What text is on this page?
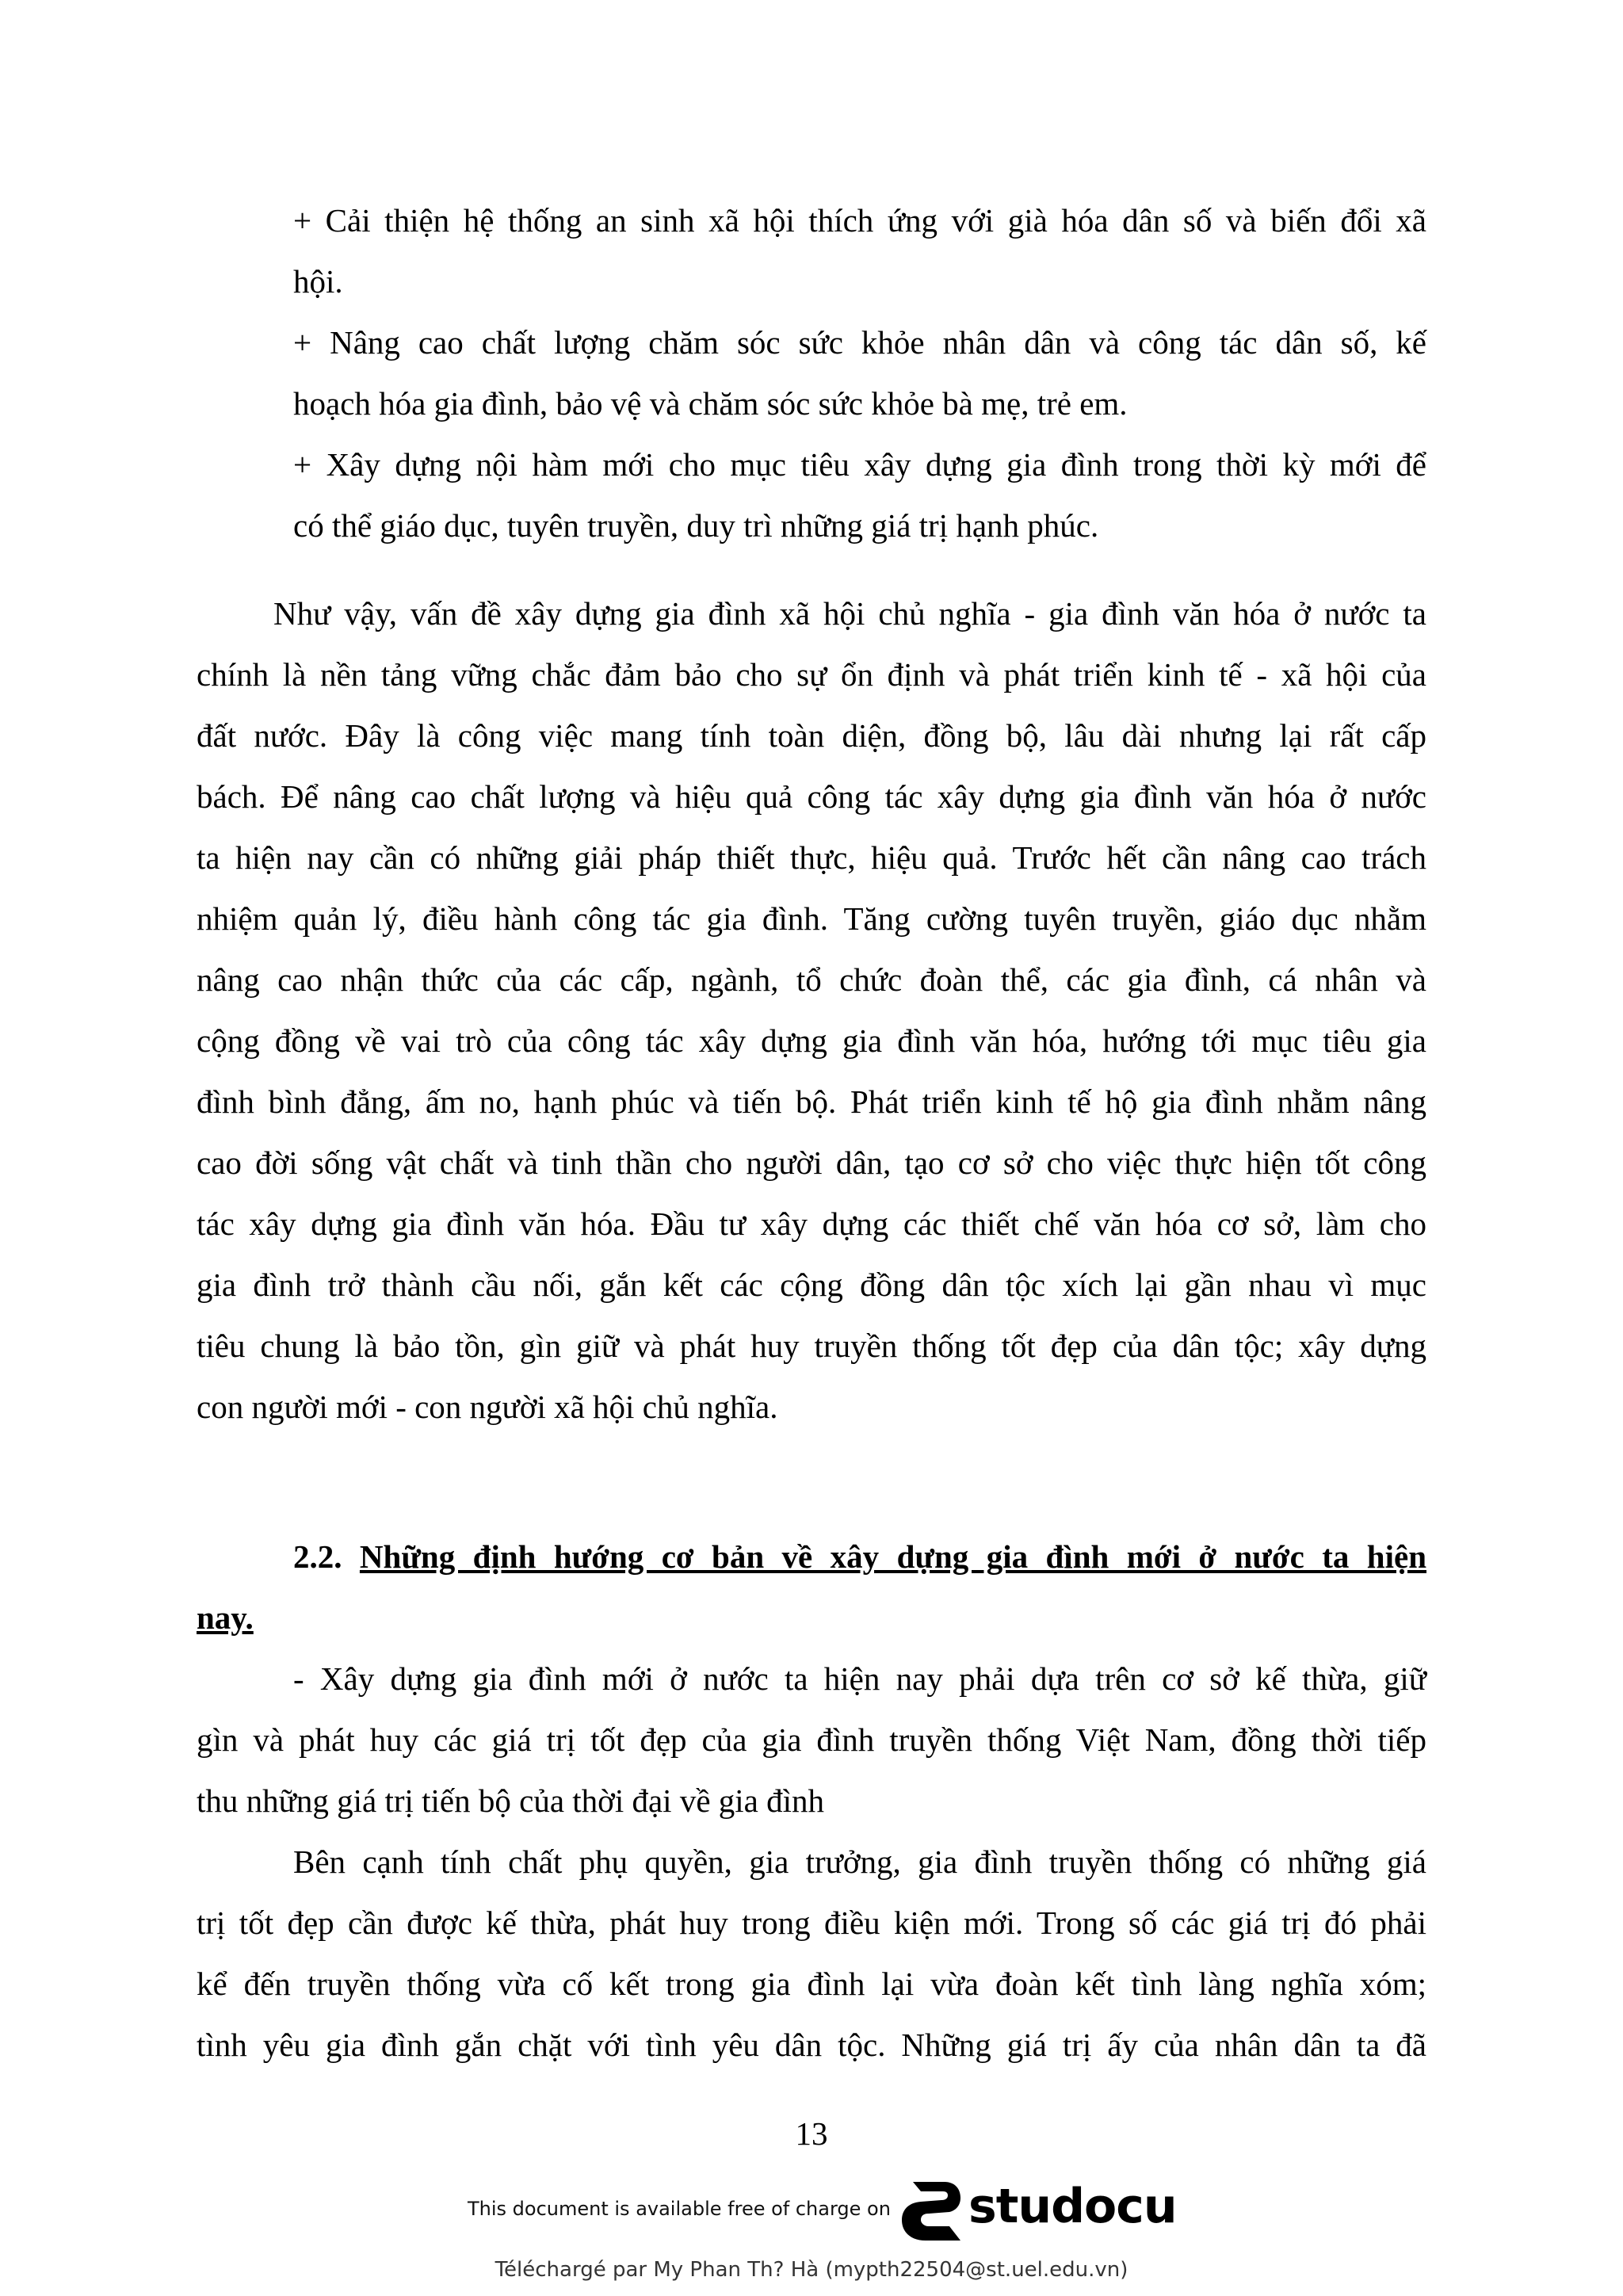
+ Cải thiện hệ thống an sinh xã hội thích ứng với già hóa dân số và biến đổi xã
hội.
+ Nâng cao chất lượng chăm sóc sức khỏe nhân dân và công tác dân số, kế
hoạch hóa gia đình, bảo vệ và chăm sóc sức khỏe bà mẹ, trẻ em.
+ Xây dựng nội hàm mới cho mục tiêu xây dựng gia đình trong thời kỳ mới để
có thể giáo dục, tuyên truyền, duy trì những giá trị hạnh phúc.
Như vậy, vấn đề xây dựng gia đình xã hội chủ nghĩa - gia đình văn hóa ở nước ta
chính là nền tảng vững chắc đảm bảo cho sự ổn định và phát triển kinh tế - xã hội của
đất nước. Đây là công việc mang tính toàn diện, đồng bộ, lâu dài nhưng lại rất cấp
bách. Để nâng cao chất lượng và hiệu quả công tác xây dựng gia đình văn hóa ở nước
ta hiện nay cần có những giải pháp thiết thực, hiệu quả. Trước hết cần nâng cao trách
nhiệm quản lý, điều hành công tác gia đình. Tăng cường tuyên truyền, giáo dục nhằm
nâng cao nhận thức của các cấp, ngành, tổ chức đoàn thể, các gia đình, cá nhân và
cộng đồng về vai trò của công tác xây dựng gia đình văn hóa, hướng tới mục tiêu gia
đình bình đẳng, ấm no, hạnh phúc và tiến bộ. Phát triển kinh tế hộ gia đình nhằm nâng
cao đời sống vật chất và tinh thần cho người dân, tạo cơ sở cho việc thực hiện tốt công
tác xây dựng gia đình văn hóa. Đầu tư xây dựng các thiết chế văn hóa cơ sở, làm cho
gia đình trở thành cầu nối, gắn kết các cộng đồng dân tộc xích lại gần nhau vì mục
tiêu chung là bảo tồn, gìn giữ và phát huy truyền thống tốt đẹp của dân tộc; xây dựng
con người mới - con người xã hội chủ nghĩa.
2.2. Những định hướng cơ bản về xây dựng gia đình mới ở nước ta hiện
nay.
- Xây dựng gia đình mới ở nước ta hiện nay phải dựa trên cơ sở kế thừa, giữ
gìn và phát huy các giá trị tốt đẹp của gia đình truyền thống Việt Nam, đồng thời tiếp
thu những giá trị tiến bộ của thời đại về gia đình
Bên cạnh tính chất phụ quyền, gia trưởng, gia đình truyền thống có những giá
trị tốt đẹp cần được kế thừa, phát huy trong điều kiện mới. Trong số các giá trị đó phải
kể đến truyền thống vừa cố kết trong gia đình lại vừa đoàn kết tình làng nghĩa xóm;
tình yêu gia đình gắn chặt với tình yêu dân tộc. Những giá trị ấy của nhân dân ta đã
13
This document is available free of charge on studocu
Téléchargé par My Phan Th? Hà (mypth22504@st.uel.edu.vn)
